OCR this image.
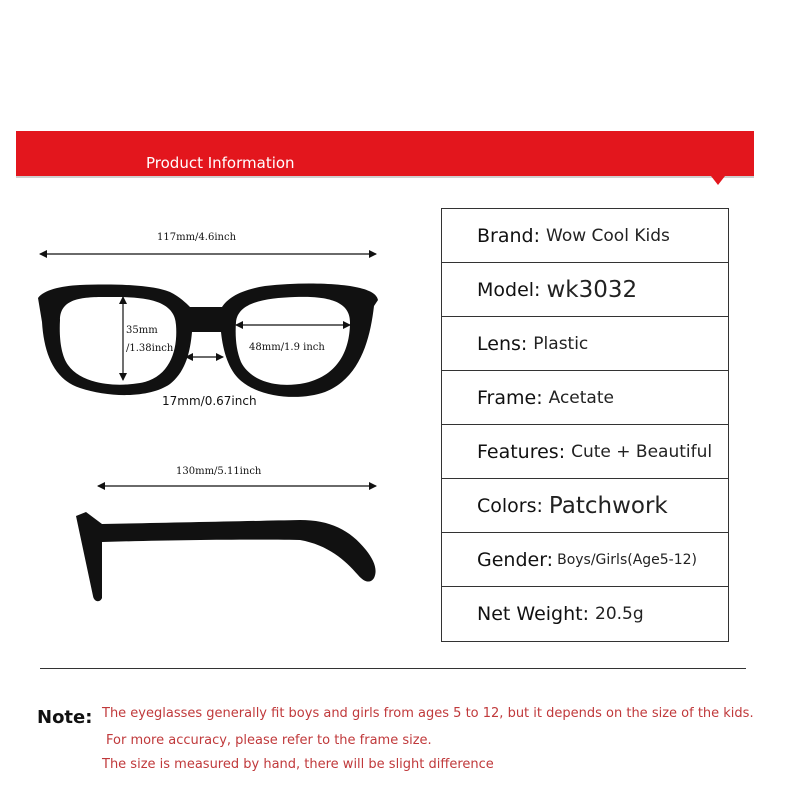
Product Information
117mm/4.6inch
35mm
/1.38inch	48mm/1.9 inch
17mm/0.67inch
130mm/5.11inch
Brand: Wow Cool Kids
Model: wk3032
Lens: Plastic
Frame: Acetate
Features: Cute + Beautiful
Colors: Patchwork
Gender: Boys/Girls(Age5-12)
Net Weight: 20.5g
Note: The eyeglasses generally fit boys and girls from ages 5 to 12, but it depends on the size of the kids.
For more accuracy, please refer to the frame size.
The size is measured by hand, there will be slight difference
